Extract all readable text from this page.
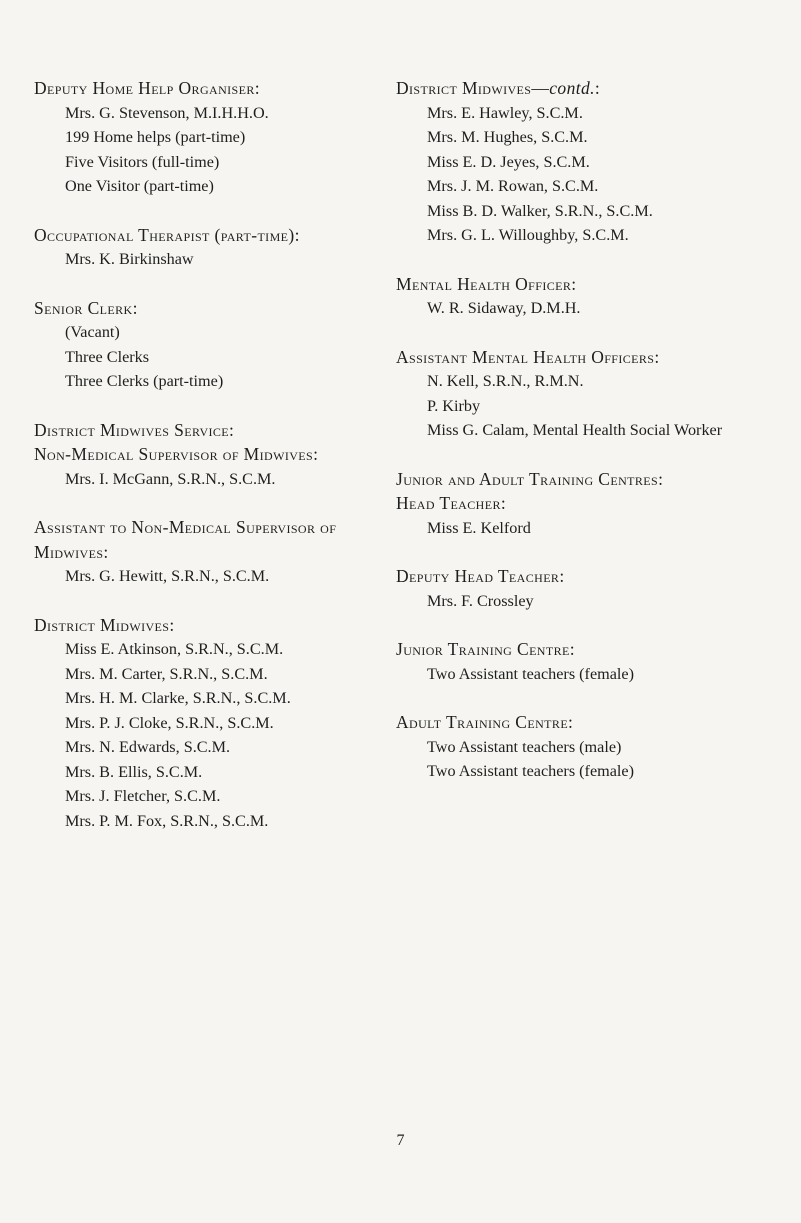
Deputy Home Help Organiser:
Mrs. G. Stevenson, M.I.H.H.O.
199 Home helps (part-time)
Five Visitors (full-time)
One Visitor (part-time)
Occupational Therapist (part-time):
Mrs. K. Birkinshaw
Senior Clerk:
(Vacant)
Three Clerks
Three Clerks (part-time)
District Midwives Service:
Non-Medical Supervisor of Midwives:
Mrs. I. McGann, S.R.N., S.C.M.
Assistant to Non-Medical Supervisor of Midwives:
Mrs. G. Hewitt, S.R.N., S.C.M.
District Midwives:
Miss E. Atkinson, S.R.N., S.C.M.
Mrs. M. Carter, S.R.N., S.C.M.
Mrs. H. M. Clarke, S.R.N., S.C.M.
Mrs. P. J. Cloke, S.R.N., S.C.M.
Mrs. N. Edwards, S.C.M.
Mrs. B. Ellis, S.C.M.
Mrs. J. Fletcher, S.C.M.
Mrs. P. M. Fox, S.R.N., S.C.M.
District Midwives—contd.:
Mrs. E. Hawley, S.C.M.
Mrs. M. Hughes, S.C.M.
Miss E. D. Jeyes, S.C.M.
Mrs. J. M. Rowan, S.C.M.
Miss B. D. Walker, S.R.N., S.C.M.
Mrs. G. L. Willoughby, S.C.M.
Mental Health Officer:
W. R. Sidaway, D.M.H.
Assistant Mental Health Officers:
N. Kell, S.R.N., R.M.N.
P. Kirby
Miss G. Calam, Mental Health Social Worker
Junior and Adult Training Centres:
Head Teacher:
Miss E. Kelford
Deputy Head Teacher:
Mrs. F. Crossley
Junior Training Centre:
Two Assistant teachers (female)
Adult Training Centre:
Two Assistant teachers (male)
Two Assistant teachers (female)
7
